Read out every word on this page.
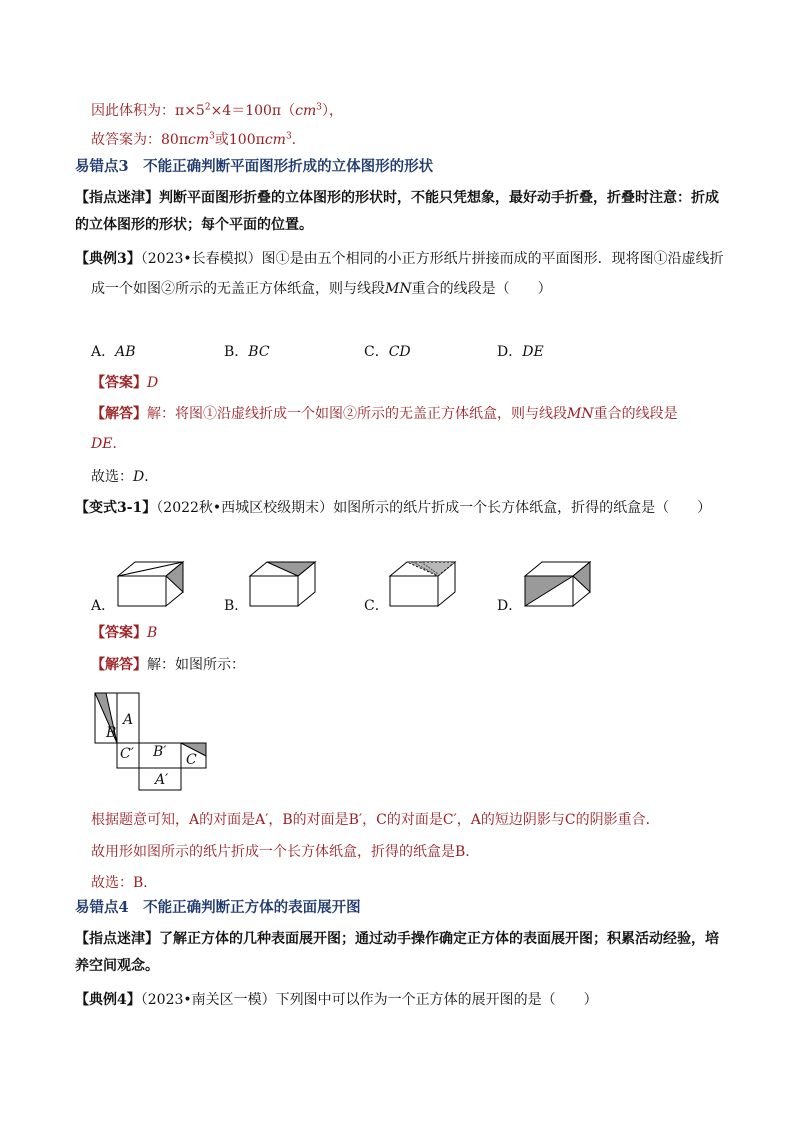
因此体积为：$\pi\times 5^2\times 4=100\pi(cm^3)$，
故答案为：80πcm$^3$或100πcm$^3$.
易错点3　不能正确判断平面图形折成的立体图形的形状
【指点迷津】判断平面图形折叠的立体图形的形状时，不能只凭想象，最好动手折叠，折叠时注意：折成
的立体图形的形状；每个平面的位置。
【典例3】（2023•长春模拟）图①是由五个相同的小正方形纸片拼接而成的平面图形．现将图①沿虚线折
成一个如图②所示的无盖正方体纸盒，则与线段MN重合的线段是（　　）
A．AB	B．BC	C．CD	D．DE
【答案】D
【解答】解：将图①沿虚线折成一个如图②所示的无盖正方体纸盒，则与线段MN重合的线段是
DE．
故选：D．
【变式3-1】（2022秋•西城区校级期末）如图所示的纸片折成一个长方体纸盒，折得的纸盒是（　　）
A．	B．	C．	D．
【答案】B
【解答】解：如图所示：
A
B
C′ B′ C
A′
根据题意可知，A的对面是A′，B的对面是B′，C的对面是C′，A的短边阴影与C的阴影重合．
故用形如图所示的纸片折成一个长方体纸盒，折得的纸盒是B.
故选：B．
易错点4　不能正确判断正方体的表面展开图
【指点迷津】了解正方体的几种表面展开图；通过动手操作确定正方体的表面展开图；积累活动经验，培
养空间观念。
【典例4】（2023•南关区一模）下列图中可以作为一个正方体的展开图的是（　　）
